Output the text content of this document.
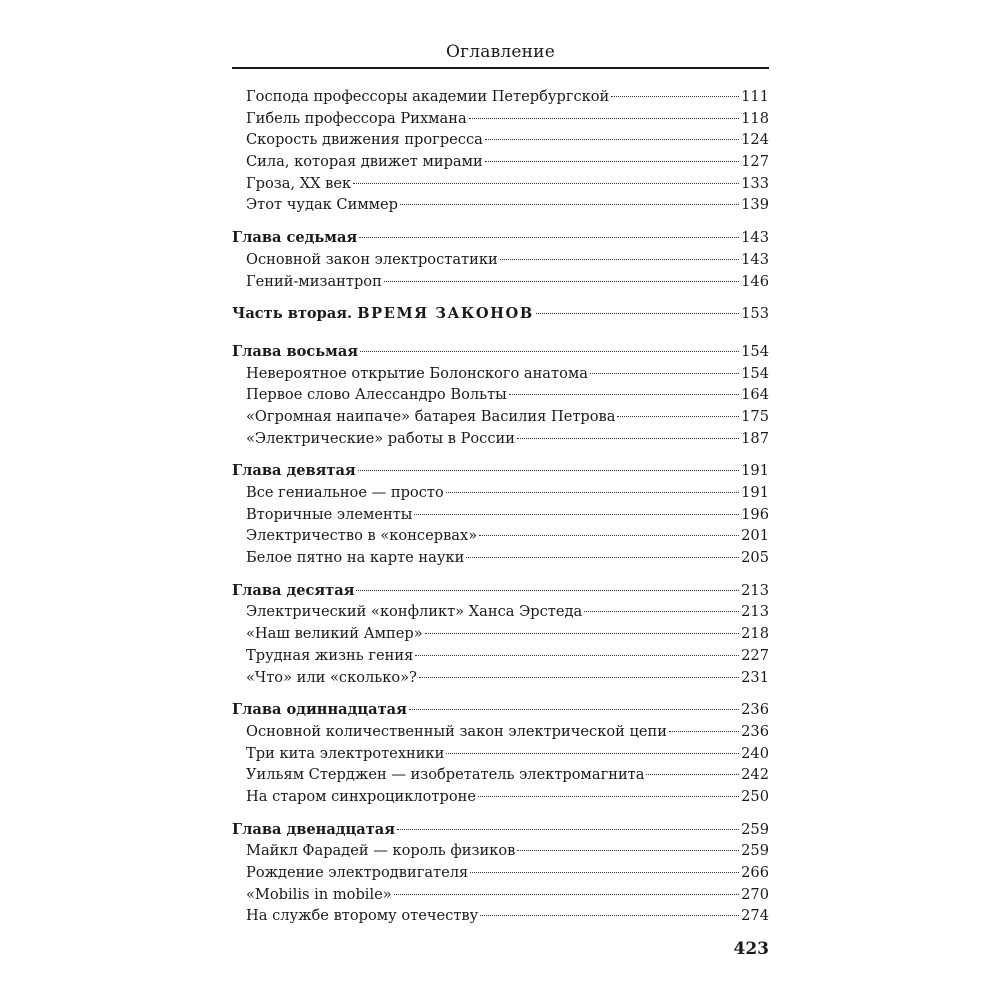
Оглавление
Господа профессоры академии Петербургской	111
Гибель профессора Рихмана	118
Скорость движения прогресса	124
Сила, которая движет мирами	127
Гроза, XX век	133
Этот чудак Симмер	139
Глава седьмая	143
Основной закон электростатики	143
Гений-мизантроп	146
Часть вторая. ВРЕМЯ ЗАКОНОВ	153
Глава восьмая	154
Невероятное открытие Болонского анатома	154
Первое слово Алессандро Вольты	164
«Огромная наипаче» батарея Василия Петрова	175
«Электрические» работы в России	187
Глава девятая	191
Все гениальное — просто	191
Вторичные элементы	196
Электричество в «консервах»	201
Белое пятно на карте науки	205
Глава десятая	213
Электрический «конфликт» Ханса Эрстеда	213
«Наш великий Ампер»	218
Трудная жизнь гения	227
«Что» или «сколько»?	231
Глава одиннадцатая	236
Основной количественный закон электрической цепи	236
Три кита электротехники	240
Уильям Стерджен — изобретатель электромагнита	242
На старом синхроциклотроне	250
Глава двенадцатая	259
Майкл Фарадей — король физиков	259
Рождение электродвигателя	266
«Mobilis in mobile»	270
На службе второму отечеству	274
423
